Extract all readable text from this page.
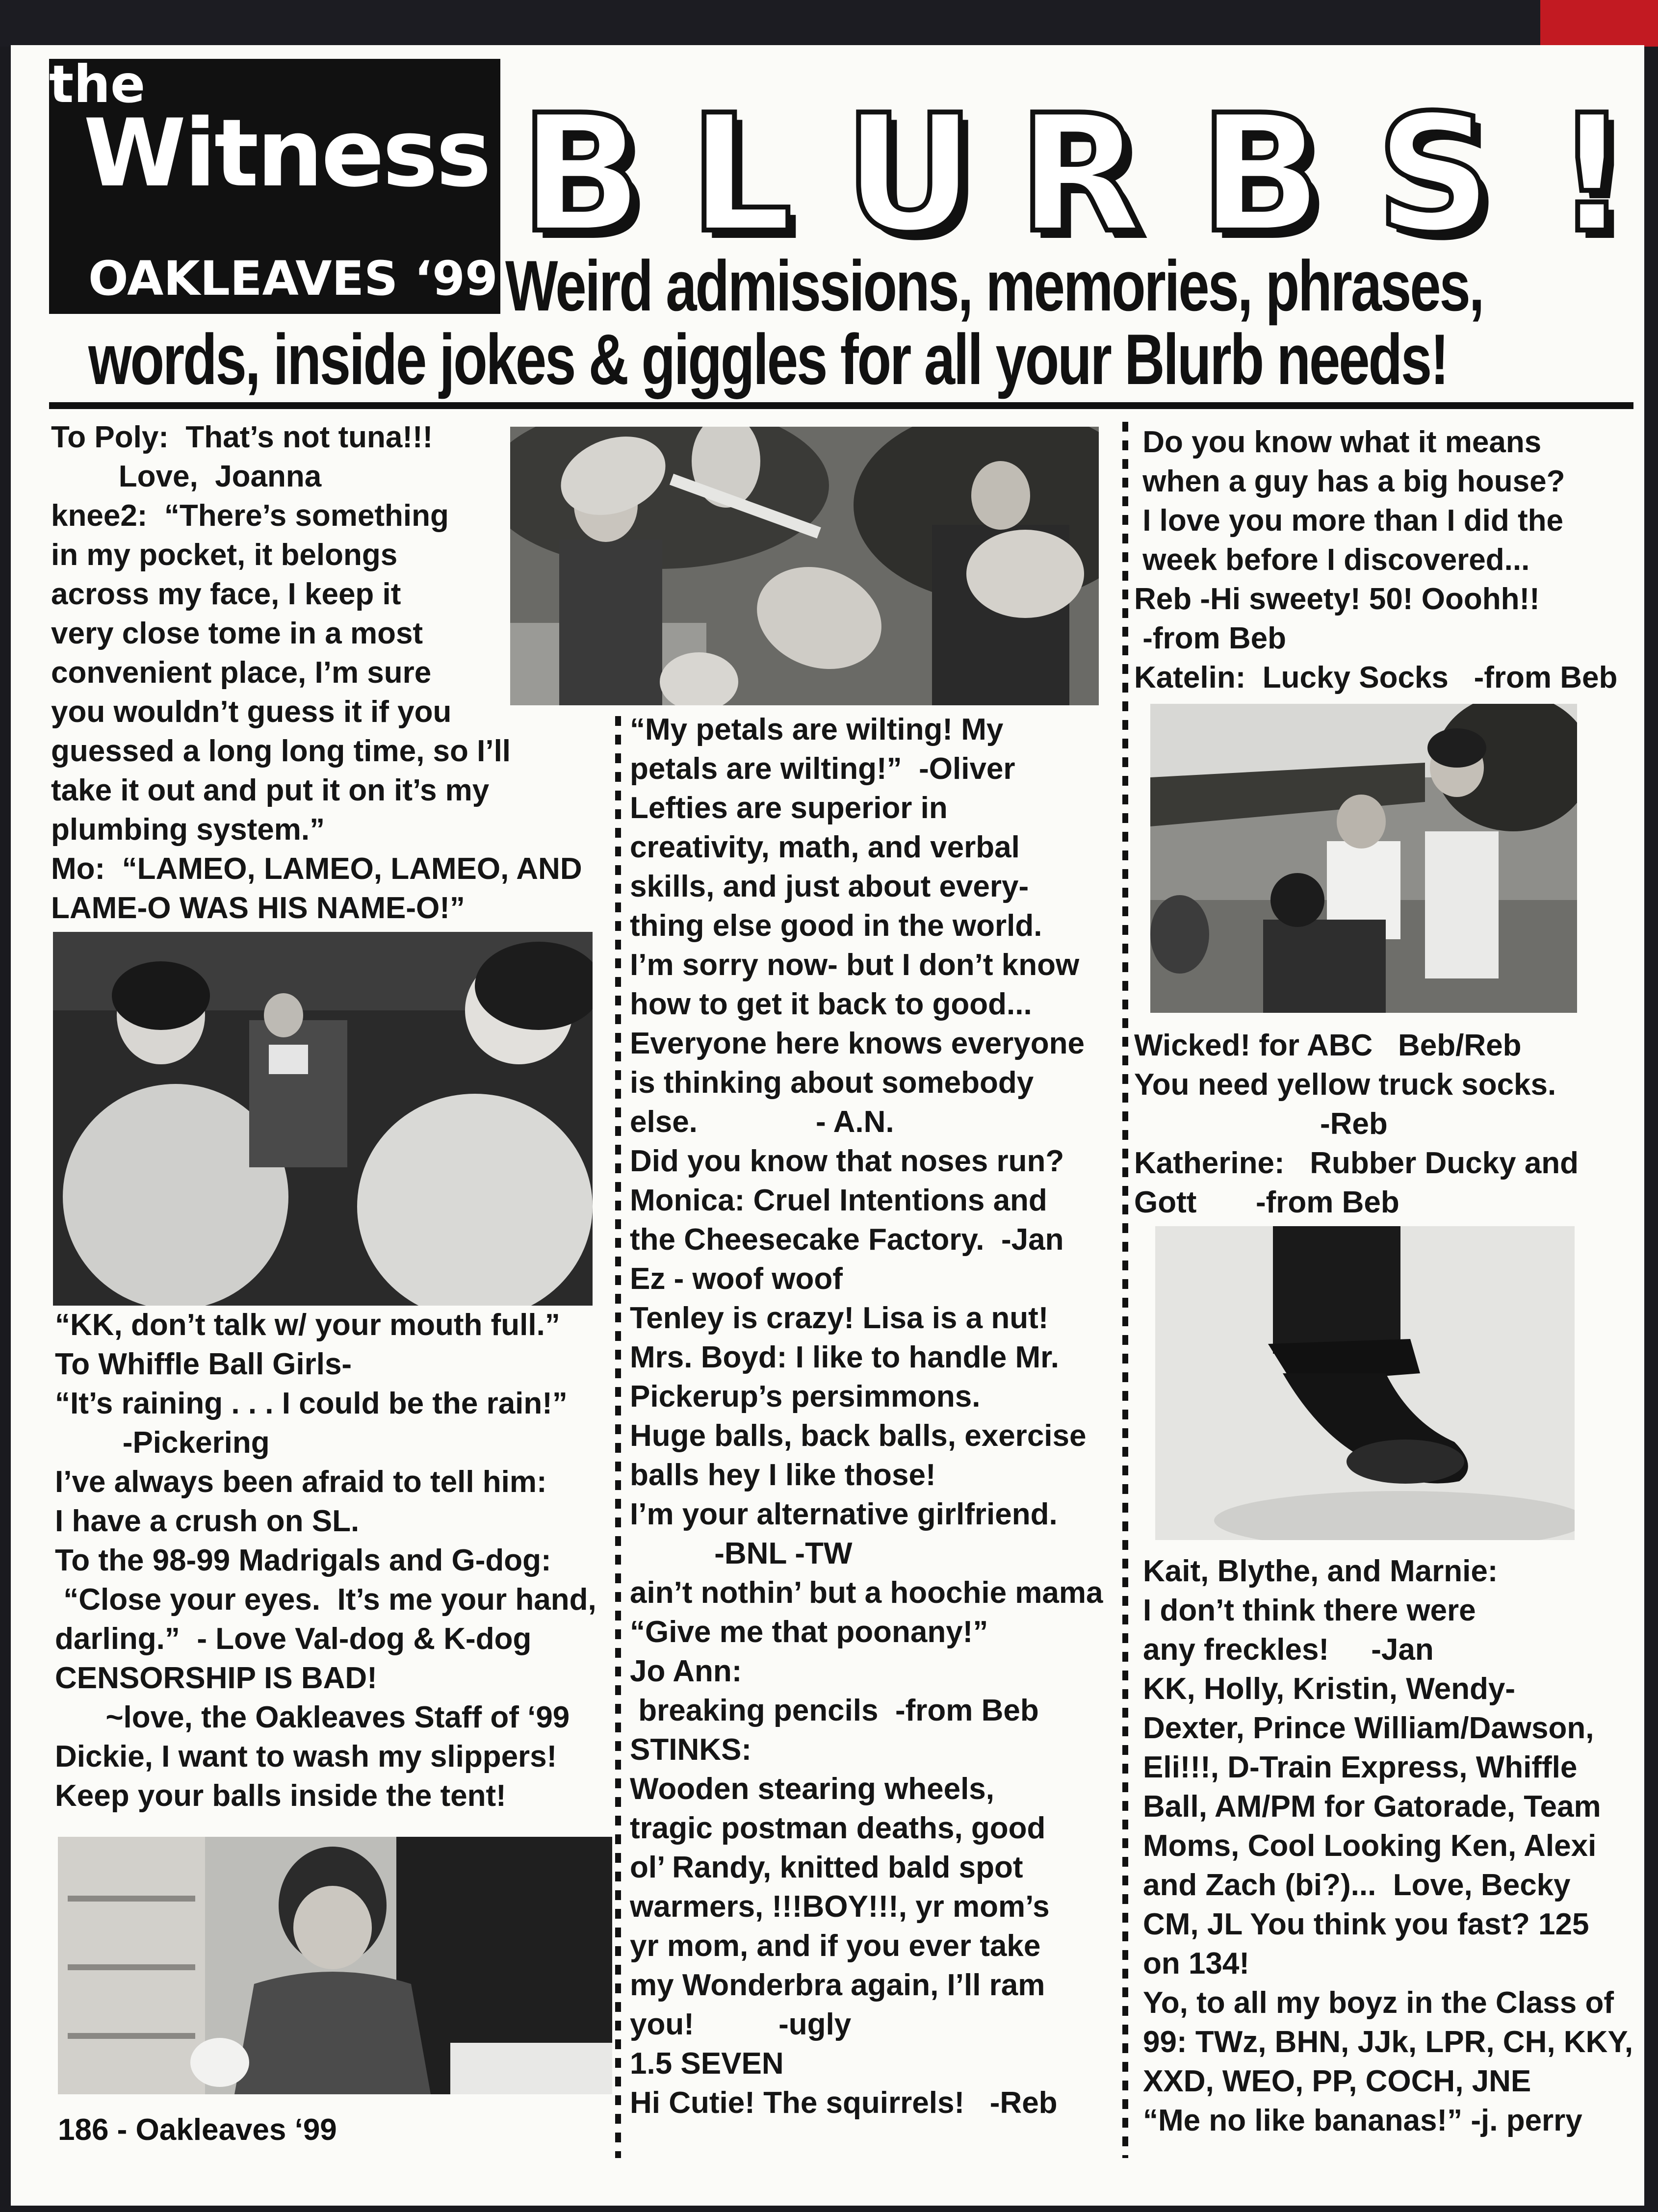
the
Witness
OAKLEAVES ‘99
B L U R B S !
Weird admissions, memories, phrases,
words, inside jokes & giggles for all your Blurb needs!

To Poly:  That’s not tuna!!!

Love,  Joanna

knee2:  “There’s something

in my pocket, it belongs

across my face, I keep it

very close tome in a most

convenient place, I’m sure

you wouldn’t guess it if you

guessed a long long time, so I’ll

take it out and put it on it’s my

plumbing system.”

Mo:  “LAMEO, LAMEO, LAMEO, AND

LAME-O WAS HIS NAME-O!”

“KK, don’t talk w/ your mouth full.”

To Whiffle Ball Girls-

“It’s raining . . . I could be the rain!”

-Pickering

I’ve always been afraid to tell him:

I have a crush on SL.

To the 98-99 Madrigals and G-dog:

“Close your eyes.  It’s me your hand,

darling.”  - Love Val-dog & K-dog

CENSORSHIP IS BAD!

~love, the Oakleaves Staff of ‘99

Dickie, I want to wash my slippers!

Keep your balls inside the tent!

186 - Oakleaves ‘99

“My petals are wilting! My

petals are wilting!”  -Oliver

Lefties are superior in

creativity, math, and verbal

skills, and just about every-

thing else good in the world.

I’m sorry now- but I don’t know

how to get it back to good...

Everyone here knows everyone

is thinking about somebody

else.              - A.N.

Did you know that noses run?

Monica: Cruel Intentions and

the Cheesecake Factory.  -Jan

Ez - woof woof

Tenley is crazy! Lisa is a nut!

Mrs. Boyd: I like to handle Mr.

Pickerup’s persimmons.

Huge balls, back balls, exercise

balls hey I like those!

I’m your alternative girlfriend.

-BNL -TW

ain’t nothin’ but a hoochie mama

“Give me that poonany!”

Jo Ann:

breaking pencils  -from Beb

STINKS:

Wooden stearing wheels,

tragic postman deaths, good

ol’ Randy, knitted bald spot

warmers, !!!BOY!!!, yr mom’s

yr mom, and if you ever take

my Wonderbra again, I’ll ram

you!          -ugly

1.5 SEVEN

Hi Cutie! The squirrels!   -Reb

Do you know what it means

when a guy has a big house?

I love you more than I did the

week before I discovered...

Reb -Hi sweety! 50! Ooohh!!

-from Beb

Katelin:  Lucky Socks   -from Beb

Wicked! for ABC   Beb/Reb

You need yellow truck socks.

-Reb

Katherine:   Rubber Ducky and

Gott       -from Beb

Kait, Blythe, and Marnie:

I don’t think there were

any freckles!     -Jan

KK, Holly, Kristin, Wendy-

Dexter, Prince William/Dawson,

Eli!!!, D-Train Express, Whiffle

Ball, AM/PM for Gatorade, Team

Moms, Cool Looking Ken, Alexi

and Zach (bi?)...  Love, Becky

CM, JL You think you fast? 125

on 134!

Yo, to all my boyz in the Class of

99: TWz, BHN, JJk, LPR, CH, KKY,

XXD, WEO, PP, COCH, JNE

“Me no like bananas!” -j. perry
